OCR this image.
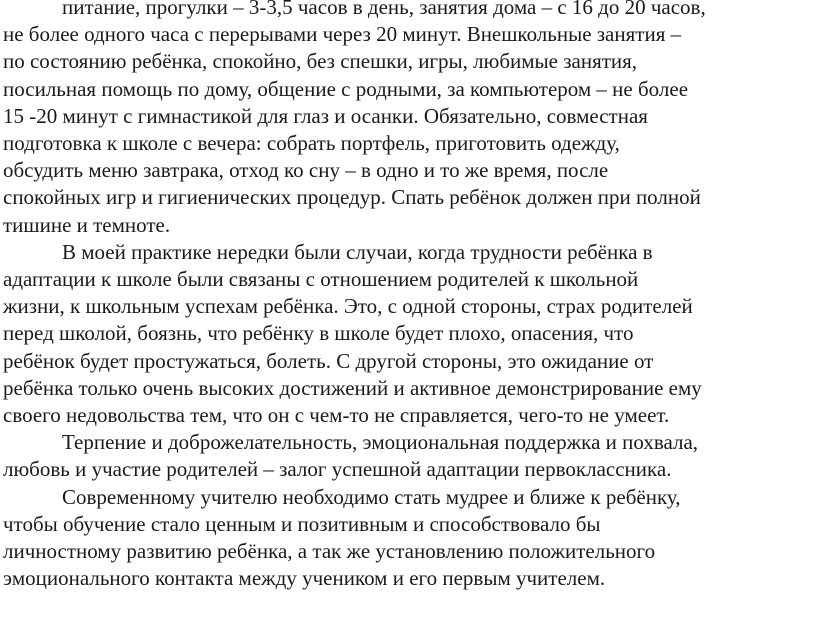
питание, прогулки – 3-3,5 часов в день, занятия дома – с 16 до 20 часов,
не более одного часа с перерывами через 20 минут. Внешкольные занятия –
по состоянию ребёнка, спокойно, без спешки, игры, любимые занятия,
посильная помощь по дому, общение с родными, за компьютером – не более
15 -20 минут с гимнастикой для глаз и осанки. Обязательно, совместная
подготовка к школе с вечера: собрать портфель, приготовить одежду,
обсудить меню завтрака, отход ко сну – в одно и то же время, после
спокойных игр и гигиенических процедур. Спать ребёнок должен при полной
тишине и темноте.

В моей практике нередки были случаи, когда трудности ребёнка в
адаптации к школе были связаны с отношением родителей к школьной
жизни, к школьным успехам ребёнка. Это, с одной стороны, страх родителей
перед школой, боязнь, что ребёнку в школе будет плохо, опасения, что
ребёнок будет простужаться, болеть. С другой стороны, это ожидание от
ребёнка только очень высоких достижений и активное демонстрирование ему
своего недовольства тем, что он с чем-то не справляется, чего-то не умеет.

Терпение и доброжелательность, эмоциональная поддержка и похвала,
любовь и участие родителей – залог успешной адаптации первоклассника.

Современному учителю необходимо стать мудрее и ближе к ребёнку,
чтобы обучение стало ценным и позитивным и способствовало бы
личностному развитию ребёнка, а так же установлению положительного
эмоционального контакта между учеником и его первым учителем.
